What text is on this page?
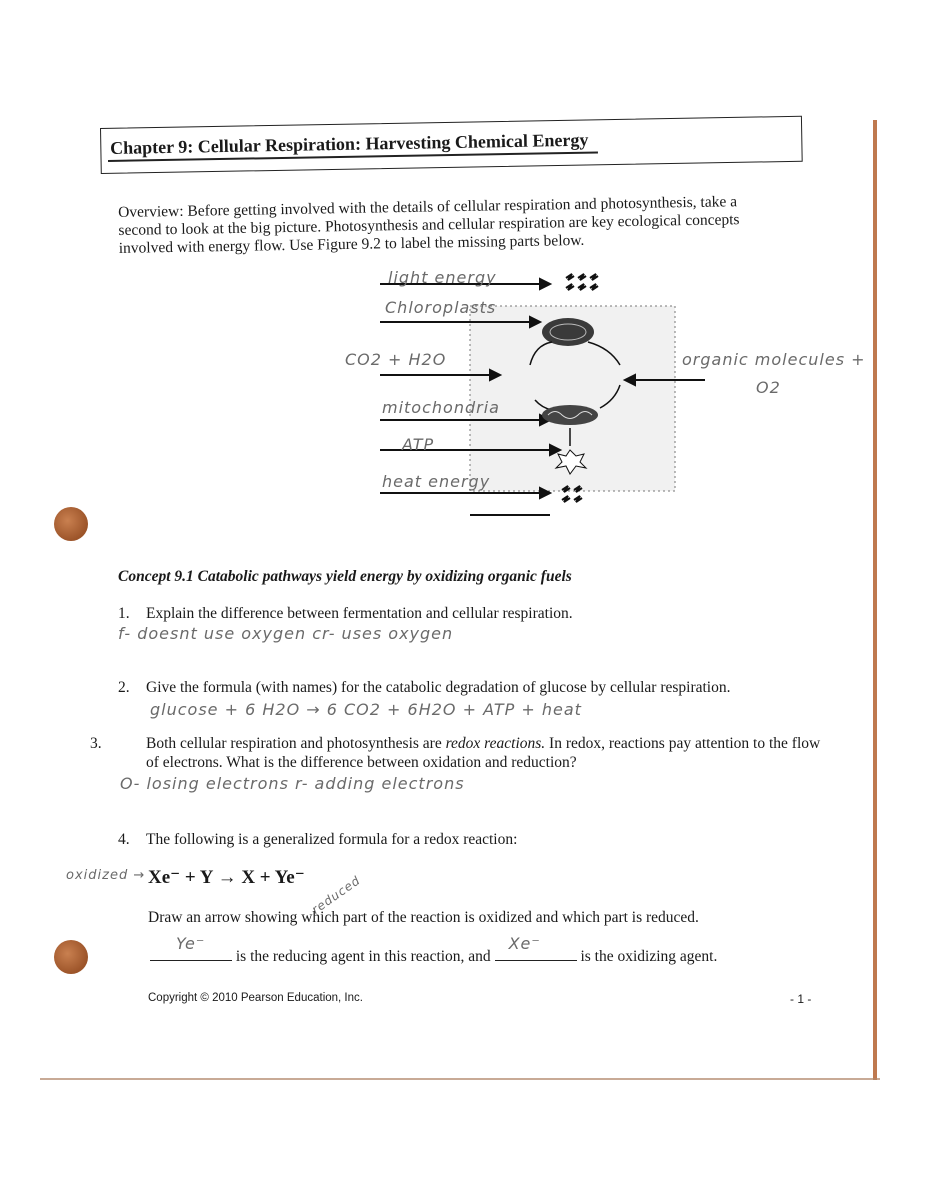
Chapter 9: Cellular Respiration: Harvesting Chemical Energy
Overview: Before getting involved with the details of cellular respiration and photosynthesis, take a second to look at the big picture. Photosynthesis and cellular respiration are key ecological concepts involved with energy flow. Use Figure 9.2 to label the missing parts below.
light energy
Chloroplasts
CO2 + H2O	organic molecules +
O2
mitochondria
ATP
heat energy
Concept 9.1 Catabolic pathways yield energy by oxidizing organic fuels
1. Explain the difference between fermentation and cellular respiration.
f- doesnt use oxygen cr- uses oxygen
2. Give the formula (with names) for the catabolic degradation of glucose by cellular respiration.
glucose + 6 H2O → 6 CO2 + 6H2O + ATP + heat
3.	Both cellular respiration and photosynthesis are redox reactions. In redox, reactions pay attention to the flow of electrons. What is the difference between oxidation and reduction?
O- losing electrons r- adding electrons
4. The following is a generalized formula for a redox reaction:
oxidized → Xe⁻ + Y → X + Ye⁻ reduced
Draw an arrow showing which part of the reaction is oxidized and which part is reduced.
Ye⁻
is the reducing agent in this reaction, and
Xe⁻
is the oxidizing agent.
Copyright © 2010 Pearson Education, Inc.	- 1 -
